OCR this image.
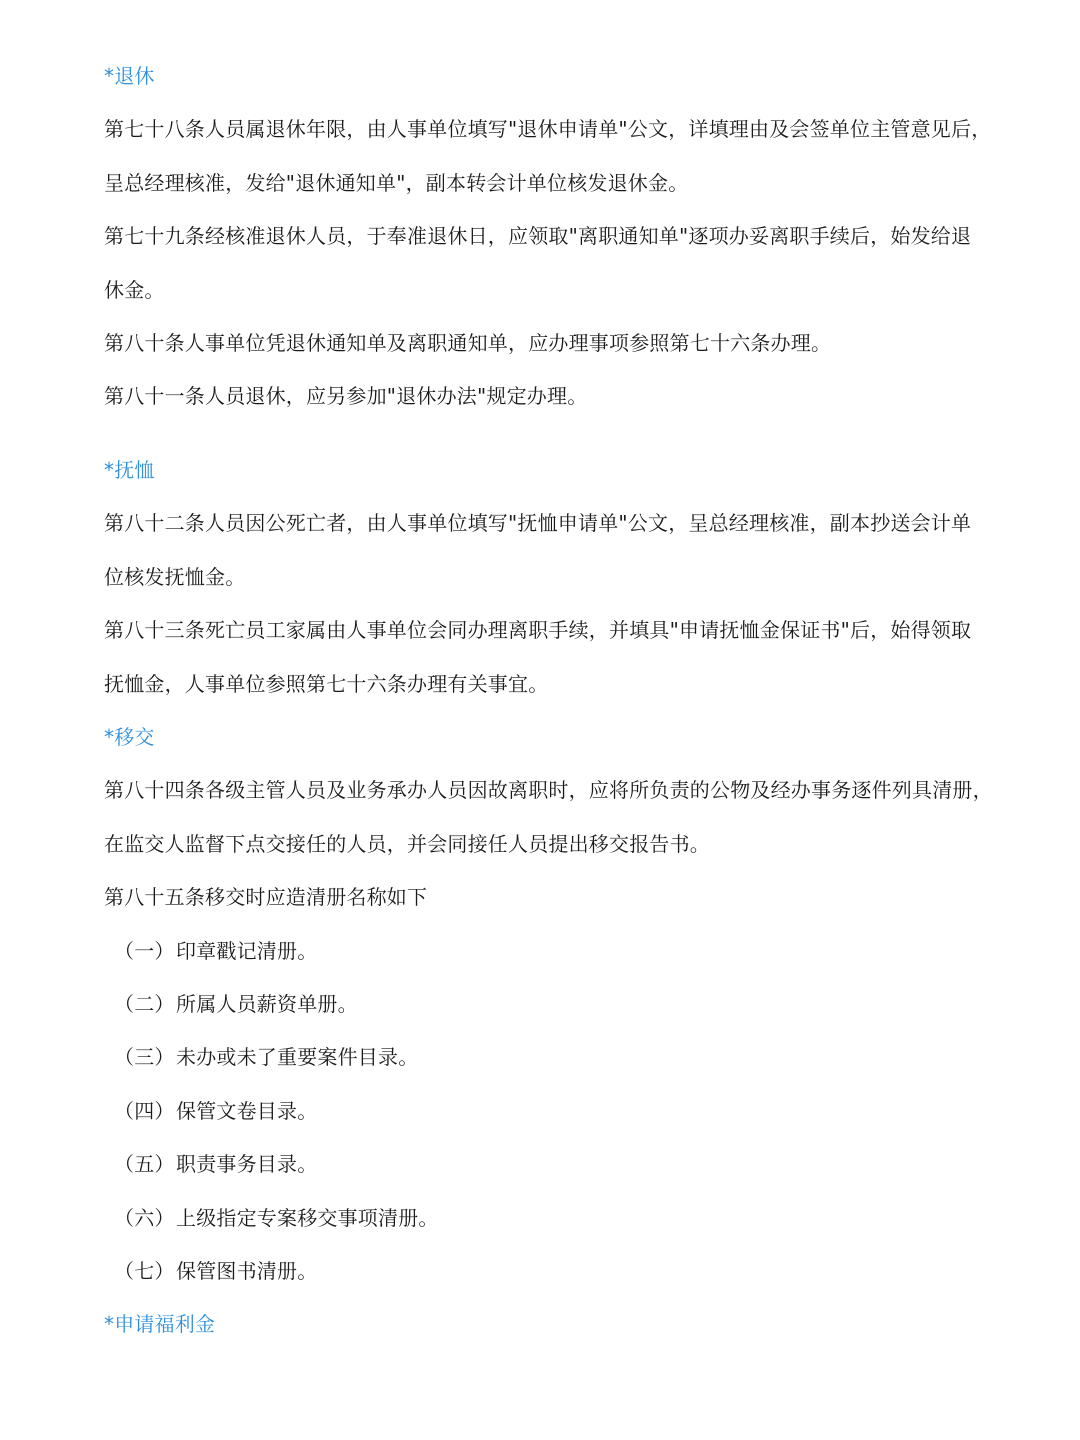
*退休
第七十八条人员属退休年限，由人事单位填写"退休申请单"公文，详填理由及会签单位主管意见后，
呈总经理核准，发给"退休通知单"，副本转会计单位核发退休金。
第七十九条经核准退休人员，于奉准退休日，应领取"离职通知单"逐项办妥离职手续后，始发给退
休金。
第八十条人事单位凭退休通知单及离职通知单，应办理事项参照第七十六条办理。
第八十一条人员退休，应另参加"退休办法"规定办理。
*抚恤
第八十二条人员因公死亡者，由人事单位填写"抚恤申请单"公文，呈总经理核准，副本抄送会计单
位核发抚恤金。
第八十三条死亡员工家属由人事单位会同办理离职手续，并填具"申请抚恤金保证书"后，始得领取
抚恤金，人事单位参照第七十六条办理有关事宜。
*移交
第八十四条各级主管人员及业务承办人员因故离职时，应将所负责的公物及经办事务逐件列具清册，
在监交人监督下点交接任的人员，并会同接任人员提出移交报告书。
第八十五条移交时应造清册名称如下
（一）印章戳记清册。
（二）所属人员薪资单册。
（三）未办或未了重要案件目录。
（四）保管文卷目录。
（五）职责事务目录。
（六）上级指定专案移交事项清册。
（七）保管图书清册。
*申请福利金
